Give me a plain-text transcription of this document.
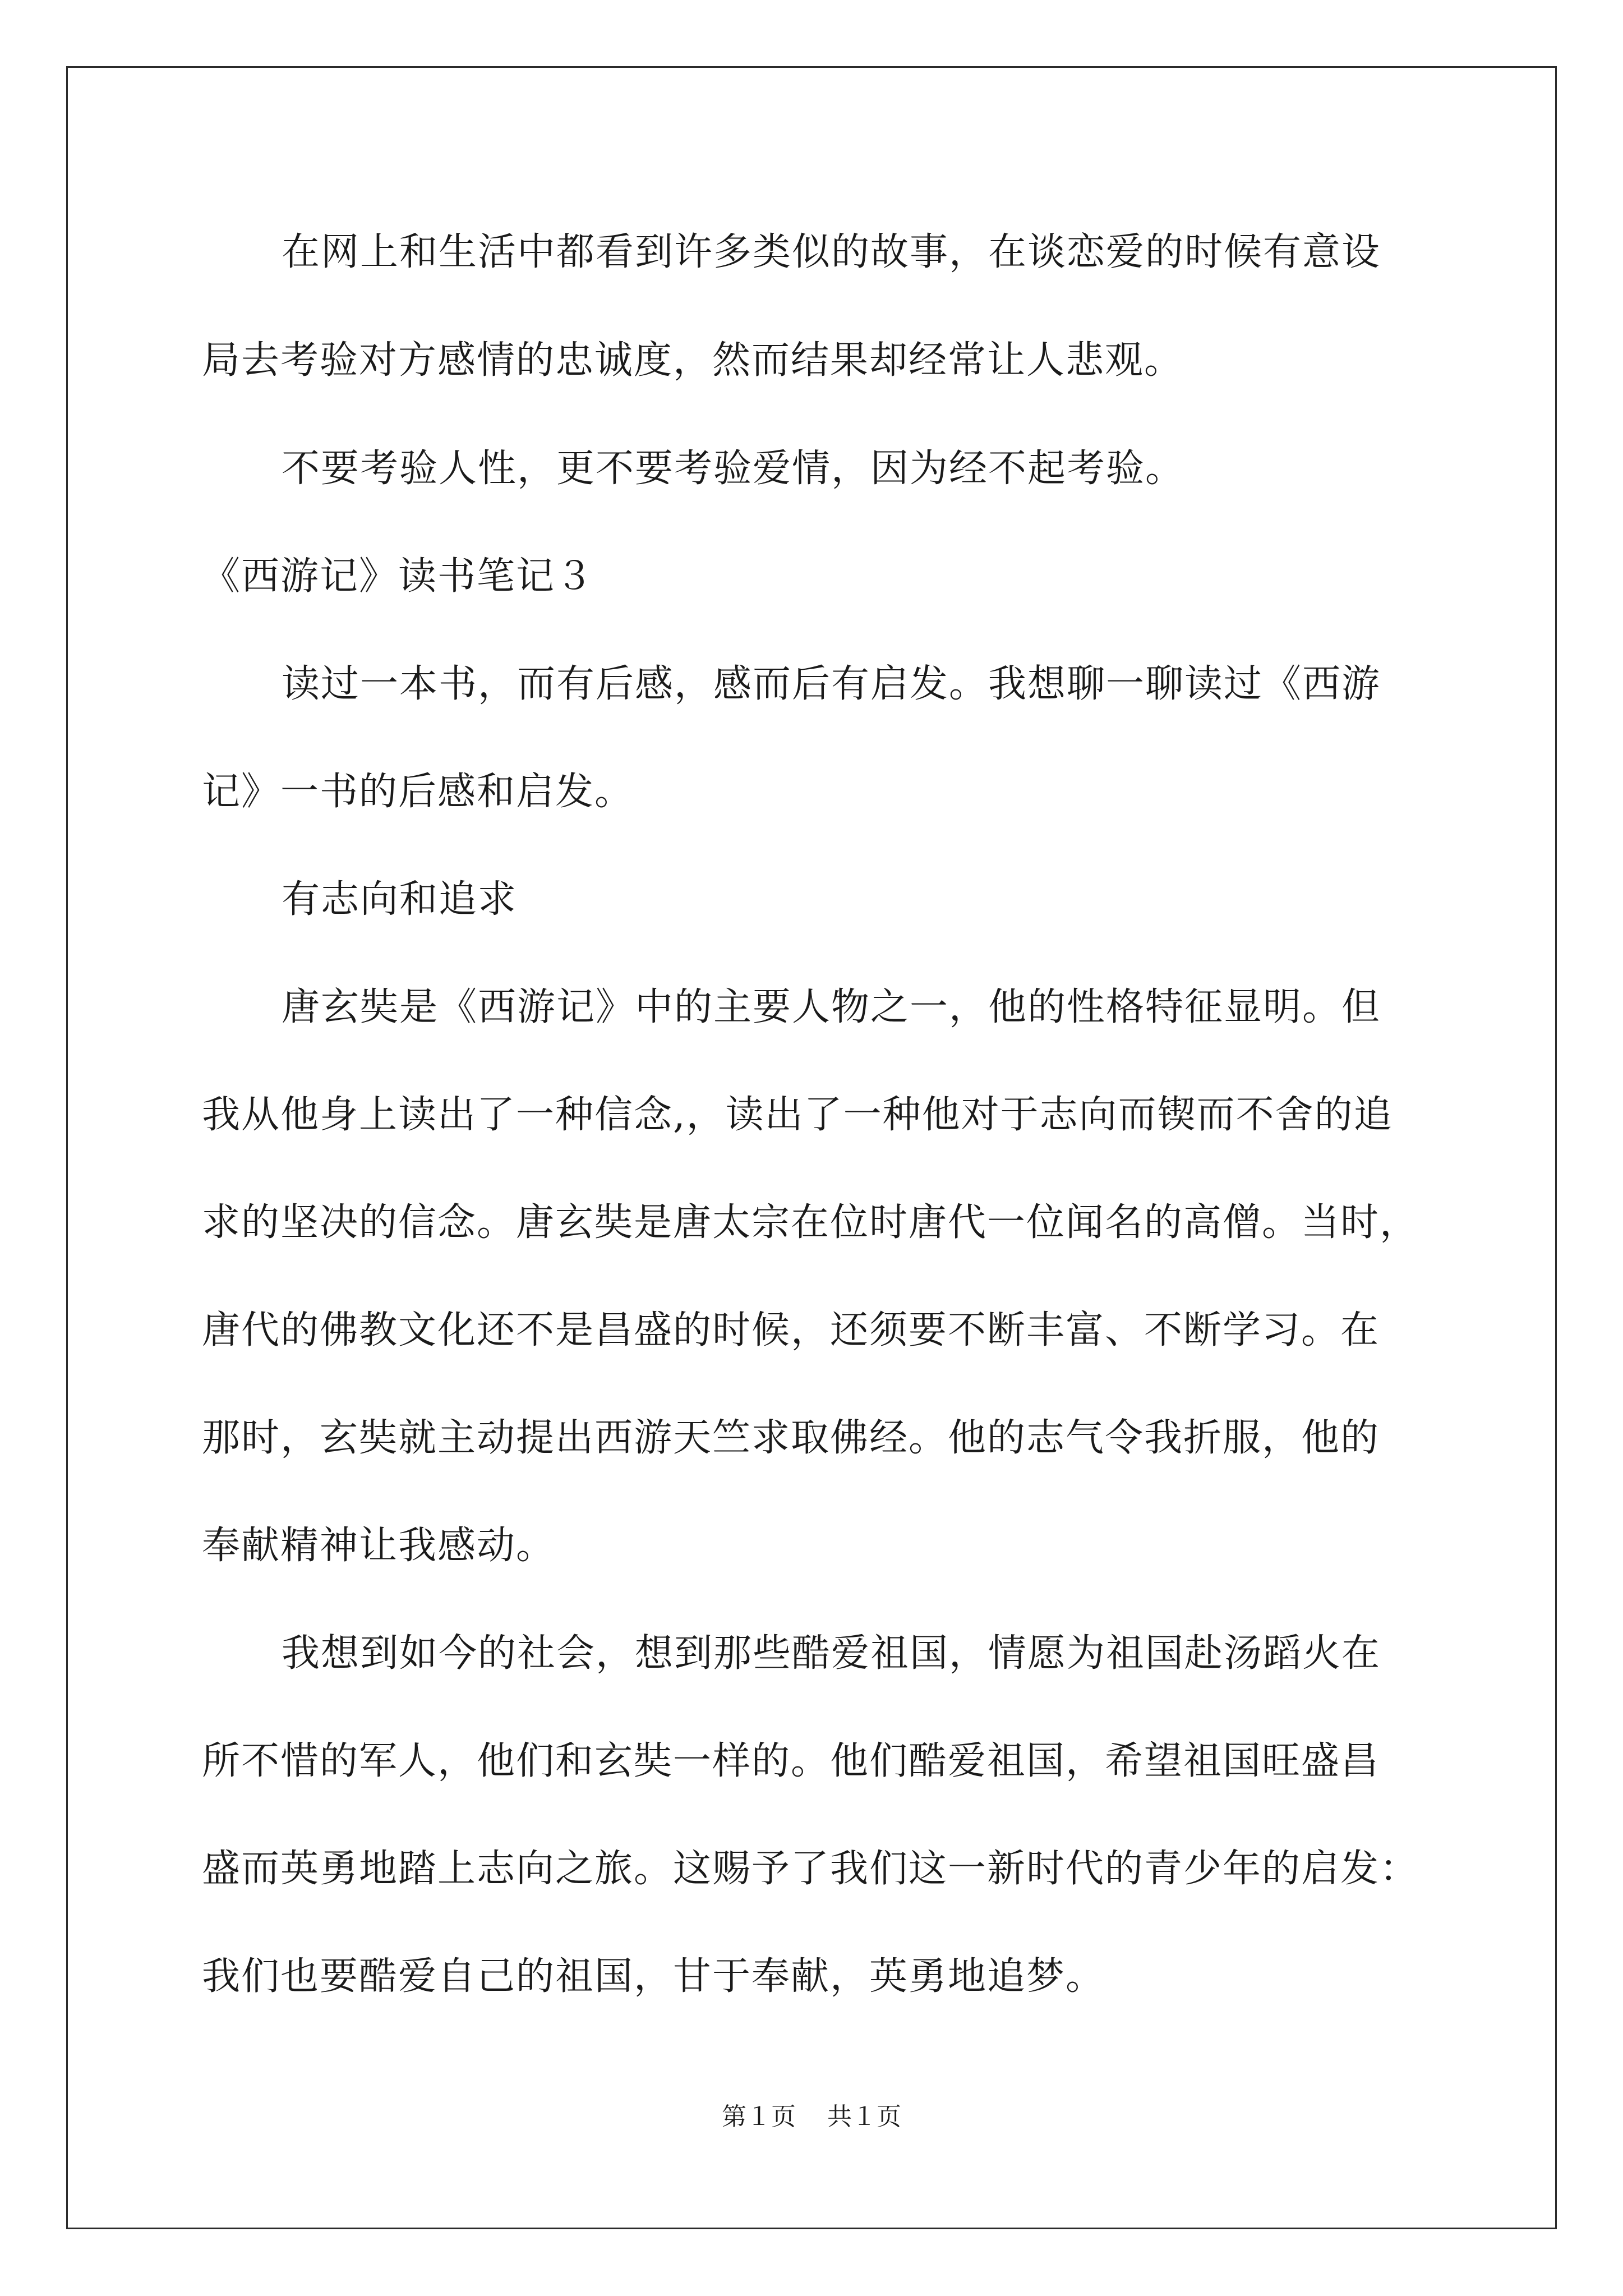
在网上和生活中都看到许多类似的故事，在谈恋爱的时候有意设
局去考验对方感情的忠诚度，然而结果却经常让人悲观。
不要考验人性，更不要考验爱情，因为经不起考验。
《西游记》读书笔记３
读过一本书，而有后感，感而后有启发。我想聊一聊读过《西游
记》一书的后感和启发。
有志向和追求
唐玄奘是《西游记》中的主要人物之一，他的性格特征显明。但
我从他身上读出了一种信念,，读出了一种他对于志向而锲而不舍的追
求的坚决的信念。唐玄奘是唐太宗在位时唐代一位闻名的高僧。当时，
唐代的佛教文化还不是昌盛的时候，还须要不断丰富、不断学习。在
那时，玄奘就主动提出西游天竺求取佛经。他的志气令我折服，他的
奉献精神让我感动。
我想到如今的社会，想到那些酷爱祖国，情愿为祖国赴汤蹈火在
所不惜的军人，他们和玄奘一样的。他们酷爱祖国，希望祖国旺盛昌
盛而英勇地踏上志向之旅。这赐予了我们这一新时代的青少年的启发：
我们也要酷爱自己的祖国，甘于奉献，英勇地追梦。
第１页 共１页
